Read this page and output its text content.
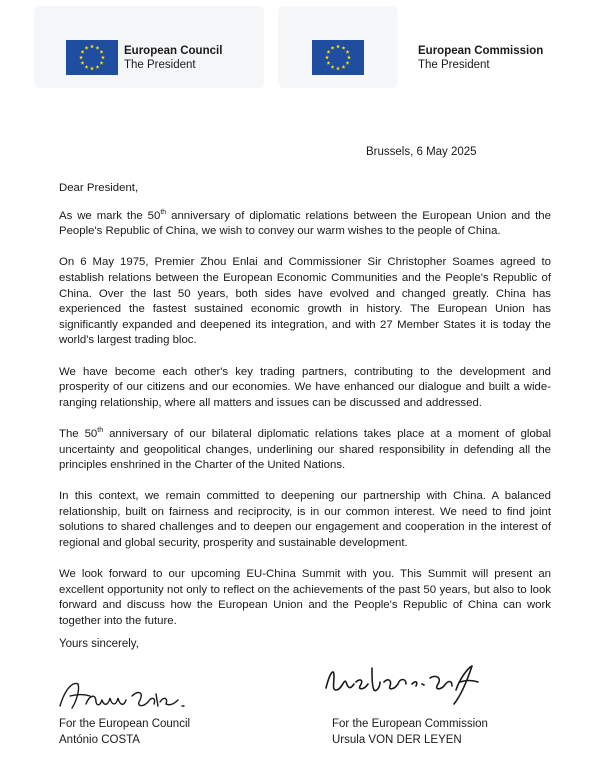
European Council
The President
European Commission
The President
Brussels, 6 May 2025

Dear President,

As we mark the 50th anniversary of diplomatic relations between the European Union and the People's Republic of China, we wish to convey our warm wishes to the people of China.

On 6 May 1975, Premier Zhou Enlai and Commissioner Sir Christopher Soames agreed to establish relations between the European Economic Communities and the People's Republic of China. Over the last 50 years, both sides have evolved and changed greatly. China has experienced the fastest sustained economic growth in history. The European Union has significantly expanded and deepened its integration, and with 27 Member States it is today the world's largest trading bloc.

We have become each other's key trading partners, contributing to the development and prosperity of our citizens and our economies. We have enhanced our dialogue and built a wide-ranging relationship, where all matters and issues can be discussed and addressed.

The 50th anniversary of our bilateral diplomatic relations takes place at a moment of global uncertainty and geopolitical changes, underlining our shared responsibility in defending all the principles enshrined in the Charter of the United Nations.

In this context, we remain committed to deepening our partnership with China. A balanced relationship, built on fairness and reciprocity, is in our common interest. We need to find joint solutions to shared challenges and to deepen our engagement and cooperation in the interest of regional and global security, prosperity and sustainable development.

We look forward to our upcoming EU-China Summit with you. This Summit will present an excellent opportunity not only to reflect on the achievements of the past 50 years, but also to look forward and discuss how the European Union and the People's Republic of China can work together into the future.

Yours sincerely,
For the European Council
António COSTA
For the European Commission
Ursula VON DER LEYEN
